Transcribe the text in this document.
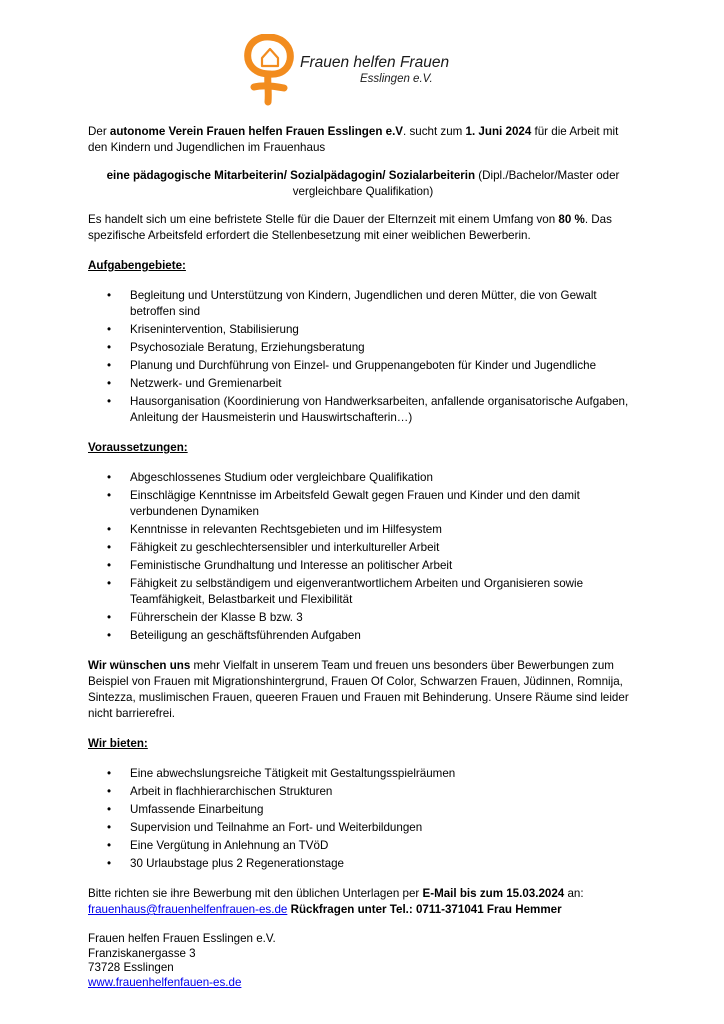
Frauen helfen Frauen
Esslingen e.V.

Der autonome Verein Frauen helfen Frauen Esslingen e.V. sucht zum 1. Juni 2024 für die Arbeit mit den Kindern und Jugendlichen im Frauenhaus

eine pädagogische Mitarbeiterin/ Sozialpädagogin/ Sozialarbeiterin (Dipl./Bachelor/Master oder vergleichbare Qualifikation)

Es handelt sich um eine befristete Stelle für die Dauer der Elternzeit mit einem Umfang von 80 %. Das spezifische Arbeitsfeld erfordert die Stellenbesetzung mit einer weiblichen Bewerberin.

Aufgabengebiete:

• Begleitung und Unterstützung von Kindern, Jugendlichen und deren Mütter, die von Gewalt betroffen sind
• Krisenintervention, Stabilisierung
• Psychosoziale Beratung, Erziehungsberatung
• Planung und Durchführung von Einzel- und Gruppenangeboten für Kinder und Jugendliche
• Netzwerk- und Gremienarbeit
• Hausorganisation (Koordinierung von Handwerksarbeiten, anfallende organisatorische Aufgaben, Anleitung der Hausmeisterin und Hauswirtschafterin…)

Voraussetzungen:

• Abgeschlossenes Studium oder vergleichbare Qualifikation
• Einschlägige Kenntnisse im Arbeitsfeld Gewalt gegen Frauen und Kinder und den damit verbundenen Dynamiken
• Kenntnisse in relevanten Rechtsgebieten und im Hilfesystem
• Fähigkeit zu geschlechtersensibler und interkultureller Arbeit
• Feministische Grundhaltung und Interesse an politischer Arbeit
• Fähigkeit zu selbständigem und eigenverantwortlichem Arbeiten und Organisieren sowie Teamfähigkeit, Belastbarkeit und Flexibilität
• Führerschein der Klasse B bzw. 3
• Beteiligung an geschäftsführenden Aufgaben

Wir wünschen uns mehr Vielfalt in unserem Team und freuen uns besonders über Bewerbungen zum Beispiel von Frauen mit Migrationshintergrund, Frauen Of Color, Schwarzen Frauen, Jüdinnen, Romnija, Sintezza, muslimischen Frauen, queeren Frauen und Frauen mit Behinderung. Unsere Räume sind leider nicht barrierefrei.

Wir bieten:

• Eine abwechslungsreiche Tätigkeit mit Gestaltungsspielräumen
• Arbeit in flachhierarchischen Strukturen
• Umfassende Einarbeitung
• Supervision und Teilnahme an Fort- und Weiterbildungen
• Eine Vergütung in Anlehnung an TVöD
• 30 Urlaubstage plus 2 Regenerationstage

Bitte richten sie ihre Bewerbung mit den üblichen Unterlagen per E-Mail bis zum 15.03.2024 an:
frauenhaus@frauenhelfenfrauen-es.de Rückfragen unter Tel.: 0711-371041 Frau Hemmer

Frauen helfen Frauen Esslingen e.V.

Franziskanergasse 3

73728 Esslingen

www.frauenhelfenfauen-es.de
